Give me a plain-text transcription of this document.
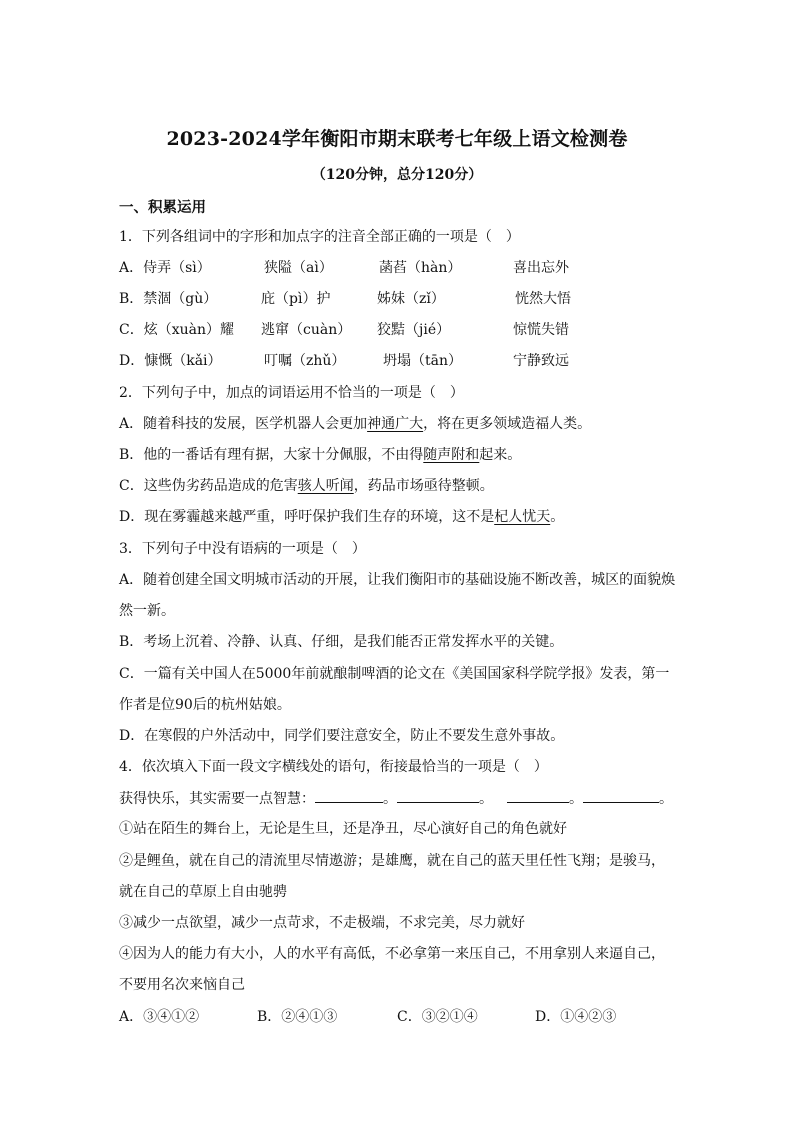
2023-2024学年衡阳市期末联考七年级上语文检测卷
（120分钟，总分120分）
一、积累运用
1．下列各组词中的字形和加点字的注音全部正确的一项是（　）
A．侍弄（sì）	狭隘（aì）	菡萏（hàn）	喜出忘外
B．禁涸（gù）	庇（pì）护	姊妹（zǐ）	恍然大悟
C．炫（xuàn）耀 逃窜（cuàn） 狡黠（jié）	惊慌失错
D．慷慨（kǎi）	叮嘱（zhǔ）	坍塌（tān）	宁静致远
2．下列句子中，加点的词语运用不恰当的一项是（　）
A．随着科技的发展，医学机器人会更加神通广大，将在更多领域造福人类。
B．他的一番话有理有据，大家十分佩服，不由得随声附和起来。
C．这些伪劣药品造成的危害骇人听闻，药品市场亟待整顿。
D．现在雾霾越来越严重，呼吁保护我们生存的环境，这不是杞人忧天。
3．下列句子中没有语病的一项是（　）
A．随着创建全国文明城市活动的开展，让我们衡阳市的基础设施不断改善，城区的面貌焕
然一新。
B．考场上沉着、冷静、认真、仔细，是我们能否正常发挥水平的关键。
C．一篇有关中国人在5000年前就酿制啤酒的论文在《美国国家科学院学报》发表，第一
作者是位90后的杭州姑娘。
D．在寒假的户外活动中，同学们要注意安全，防止不要发生意外事故。
4．依次填入下面一段文字横线处的语句，衔接最恰当的一项是（　）
获得快乐，其实需要一点智慧：	。	。	。	。
①站在陌生的舞台上，无论是生旦，还是净丑，尽心演好自己的角色就好
②是鲤鱼，就在自己的清流里尽情遨游；是雄鹰，就在自己的蓝天里任性飞翔；是骏马，
就在自己的草原上自由驰骋
③减少一点欲望，减少一点苛求，不走极端，不求完美，尽力就好
④因为人的能力有大小，人的水平有高低，不必拿第一来压自己，不用拿别人来逼自己，
不要用名次来恼自己
A．③④①②	B．②④①③	C．③②①④	D．①④②③
